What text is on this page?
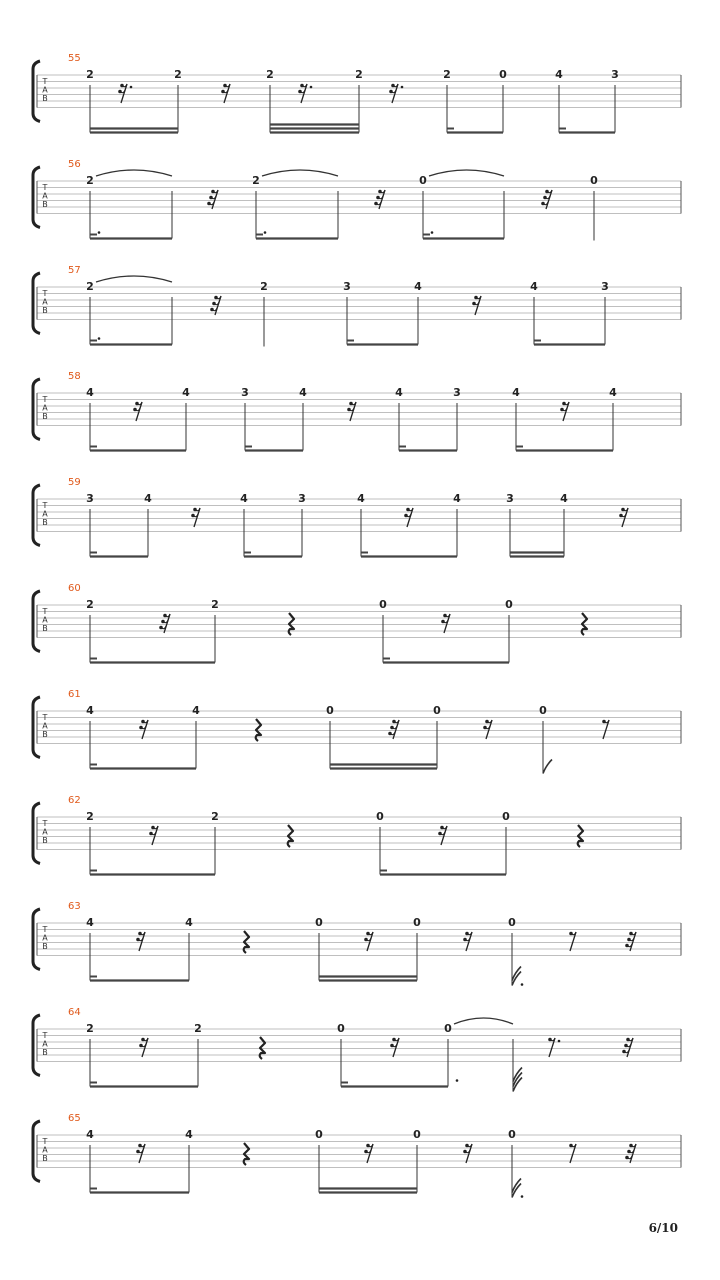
T
A
B
55
2	2	2	2	2	0	4	3
T
A
B
56
2	2	0	0
T
A
B
57
2	2	3	4	4	3
T
A
B
58
4	4	3	4	4	3	4	4
T
A
B
59
3	4	4	3	4	4	3	4
T
A
B
60
2	2	0	0
T
A
B
61
4	4	0	0	0
T
A
B
62
2	2	0	0
T
A
B
63
4	4	0	0	0
T
A
B
64
2	2	0	0
T
A
B
65
4	4	0	0	0
6/10
